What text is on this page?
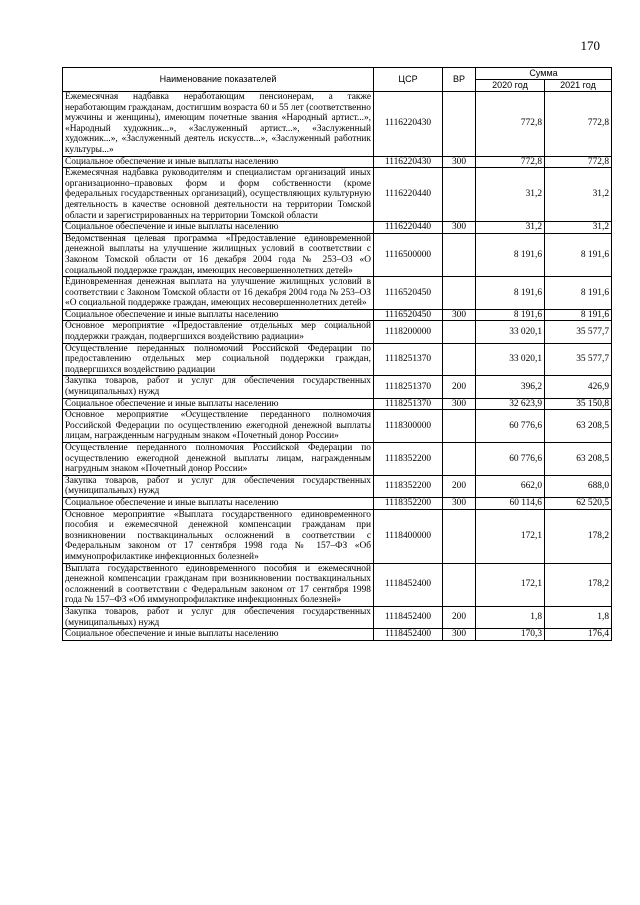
170
Наименование показателей	ЦСР	ВР	Сумма	
			2020 год	2021 год
Ежемесячная надбавка неработающим пенсионерам, а также неработающим гражданам, достигшим возраста 60 и 55 лет (соответственно мужчины и женщины), имеющим почетные звания «Народный артист...», «Народный художник...», «Заслуженный артист...», «Заслуженный художник...», «Заслуженный деятель искусств...», «Заслуженный работник культуры...»	1116220430		772,8	772,8
Социальное обеспечение и иные выплаты населению	1116220430	300	772,8	772,8
Ежемесячная надбавка руководителям и специалистам организаций иных организационно–правовых форм и форм собственности (кроме федеральных государственных организаций), осуществляющих культурную деятельность в качестве основной деятельности на территории Томской области и зарегистрированных на территории Томской области	1116220440		31,2	31,2
Социальное обеспечение и иные выплаты населению	1116220440	300	31,2	31,2
Ведомственная целевая программа «Предоставление единовременной денежной выплаты на улучшение жилищных условий в соответствии с Законом Томской области от 16 декабря 2004 года № 253–ОЗ «О социальной поддержке граждан, имеющих несовершеннолетних детей»	1116500000		8 191,6	8 191,6
Единовременная денежная выплата на улучшение жилищных условий в соответствии с Законом Томской области от 16 декабря 2004 года № 253–ОЗ «О социальной поддержке граждан, имеющих несовершеннолетних детей»	1116520450		8 191,6	8 191,6
Социальное обеспечение и иные выплаты населению	1116520450	300	8 191,6	8 191,6
Основное мероприятие «Предоставление отдельных мер социальной поддержки граждан, подвергшихся воздействию радиации»	1118200000		33 020,1	35 577,7
Осуществление переданных полномочий Российской Федерации по предоставлению отдельных мер социальной поддержки граждан, подвергшихся воздействию радиации	1118251370		33 020,1	35 577,7
Закупка товаров, работ и услуг для обеспечения государственных (муниципальных) нужд	1118251370	200	396,2	426,9
Социальное обеспечение и иные выплаты населению	1118251370	300	32 623,9	35 150,8
Основное мероприятие «Осуществление переданного полномочия Российской Федерации по осуществлению ежегодной денежной выплаты лицам, награжденным нагрудным знаком «Почетный донор России»	1118300000		60 776,6	63 208,5
Осуществление переданного полномочия Российской Федерации по осуществлению ежегодной денежной выплаты лицам, награжденным нагрудным знаком «Почетный донор России»	1118352200		60 776,6	63 208,5
Закупка товаров, работ и услуг для обеспечения государственных (муниципальных) нужд	1118352200	200	662,0	688,0
Социальное обеспечение и иные выплаты населению	1118352200	300	60 114,6	62 520,5
Основное мероприятие «Выплата государственного единовременного пособия и ежемесячной денежной компенсации гражданам при возникновении поствакцинальных осложнений в соответствии с Федеральным законом от 17 сентября 1998 года № 157–ФЗ «Об иммунопрофилактике инфекционных болезней»	1118400000		172,1	178,2
Выплата государственного единовременного пособия и ежемесячной денежной компенсации гражданам при возникновении поствакцинальных осложнений в соответствии с Федеральным законом от 17 сентября 1998 года № 157–ФЗ «Об иммунопрофилактике инфекционных болезней»	1118452400		172,1	178,2
Закупка товаров, работ и услуг для обеспечения государственных (муниципальных) нужд	1118452400	200	1,8	1,8
Социальное обеспечение и иные выплаты населению	1118452400	300	170,3	176,4
